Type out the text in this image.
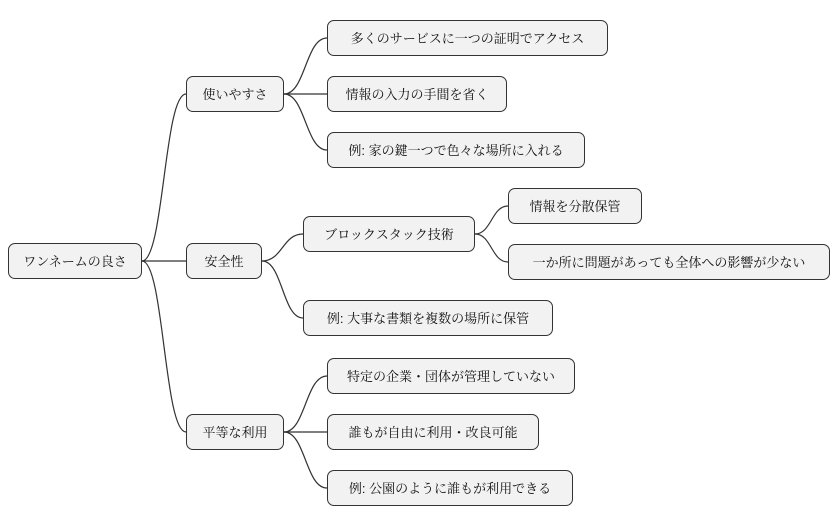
ワンネームの良さ
使いやすさ
多くのサービスに一つの証明でアクセス
情報の入力の手間を省く
例: 家の鍵一つで色々な場所に入れる
安全性
ブロックスタック技術
情報を分散保管
一か所に問題があっても全体への影響が少ない
例: 大事な書類を複数の場所に保管
平等な利用
特定の企業・団体が管理していない
誰もが自由に利用・改良可能
例: 公園のように誰もが利用できる
